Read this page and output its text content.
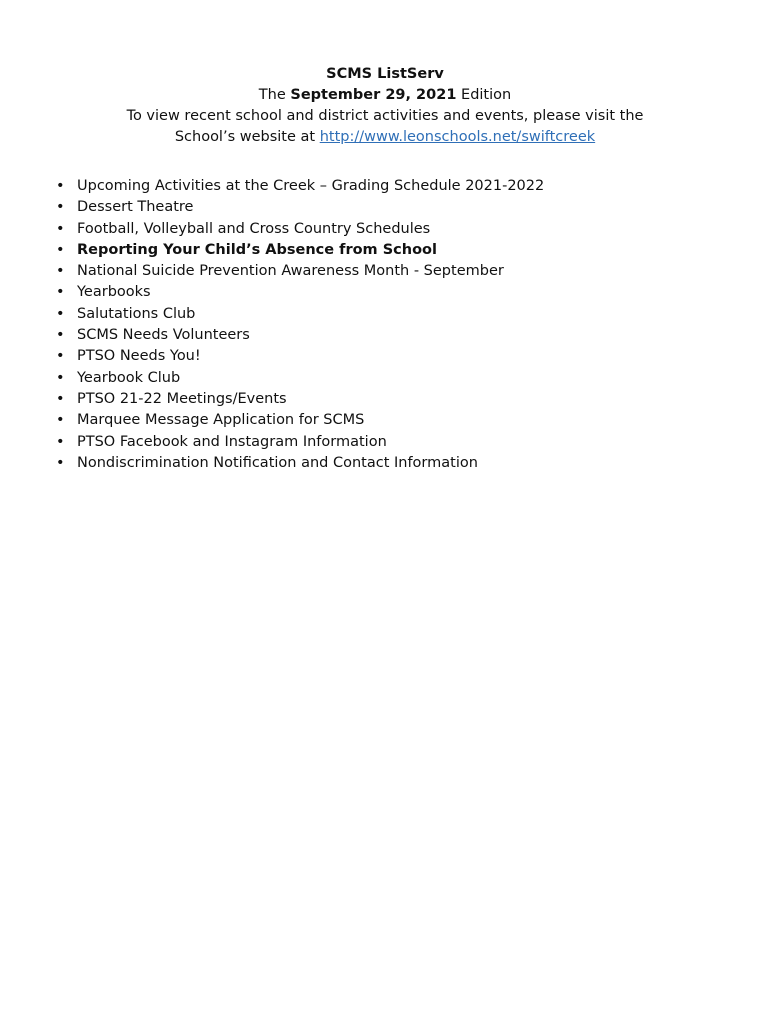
SCMS ListServ
The September 29, 2021 Edition
To view recent school and district activities and events, please visit the
School’s website at http://www.leonschools.net/swiftcreek
• Upcoming Activities at the Creek – Grading Schedule 2021-2022
• Dessert Theatre
• Football, Volleyball and Cross Country Schedules
• Reporting Your Child’s Absence from School
• National Suicide Prevention Awareness Month - September
• Yearbooks
• Salutations Club
• SCMS Needs Volunteers
• PTSO Needs You!
• Yearbook Club
• PTSO 21-22 Meetings/Events
• Marquee Message Application for SCMS
• PTSO Facebook and Instagram Information
• Nondiscrimination Notification and Contact Information
